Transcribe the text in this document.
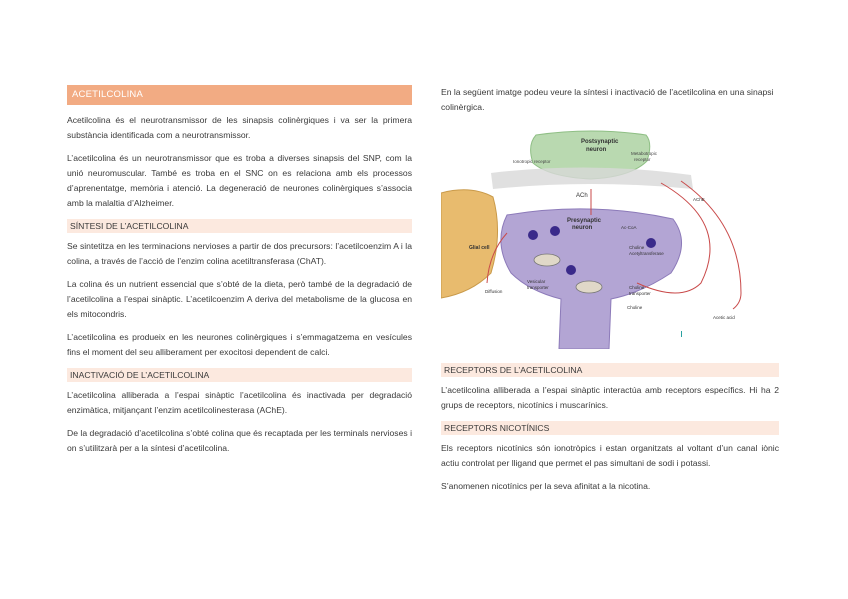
ACETILCOLINA

Acetilcolina és el neurotransmissor de les sinapsis colinèrgiques i va ser la primera substància identificada com a neurotransmissor.

L’acetilcolina és un neurotransmissor que es troba a diverses sinapsis del SNP, com la unió neuromuscular. També es troba en el SNC on es relaciona amb els processos d’aprenentatge, memòria i atenció. La degeneració de neurones colinèrgiques s’associa amb la malaltia d’Alzheimer.

SÍNTESI DE L’ACETILCOLINA

Se sintetitza en les terminacions nervioses a partir de dos precursors: l’acetilcoenzim A i la colina, a través de l’acció de l’enzim colina acetiltransferasa (ChAT).

La colina és un nutrient essencial que s’obté de la dieta, però també de la degradació de l’acetilcolina a l’espai sinàptic. L’acetilcoenzim A deriva del metabolisme de la glucosa en els mitocondris.

L’acetilcolina es produeix en les neurones colinèrgiques i s’emmagatzema en vesícules fins el moment del seu alliberament per exocitosi dependent de calci.

INACTIVACIÓ DE L’ACETILCOLINA

L’acetilcolina alliberada a l’espai sinàptic l’acetilcolina és inactivada per degradació enzimàtica, mitjançant l’enzim acetilcolinesterasa (AChE).

De la degradació d’acetilcolina s’obté colina que és recaptada per les terminals nervioses i on s’utilitzarà per a la síntesi d’acetilcolina.

En la següent imatge podeu veure la síntesi i inactivació de l’acetilcolina en una sinapsi colinèrgica.

Postsynaptic
neuron
Ionotropic receptor
Metabotropic
receptor
ACh
Glial cell
Presynaptic
neuron	Ac-CoA
Choline
Acetyltransferase
Diffusion
Vesicular
transporter	Choline
transporter
Choline
Acetic acid
AChE
RECEPTORS DE L’ACETILCOLINA

L’acetilcolina alliberada a l’espai sinàptic interactúa amb receptors específics. Hi ha 2 grups de receptors, nicotínics i muscarínics.

RECEPTORS NICOTÍNICS

Els receptors nicotínics són ionotròpics i estan organitzats al voltant d’un canal iònic actiu controlat per lligand que permet el pas simultani de sodi i potassi.

S’anomenen nicotínics per la seva afinitat a la nicotina.
